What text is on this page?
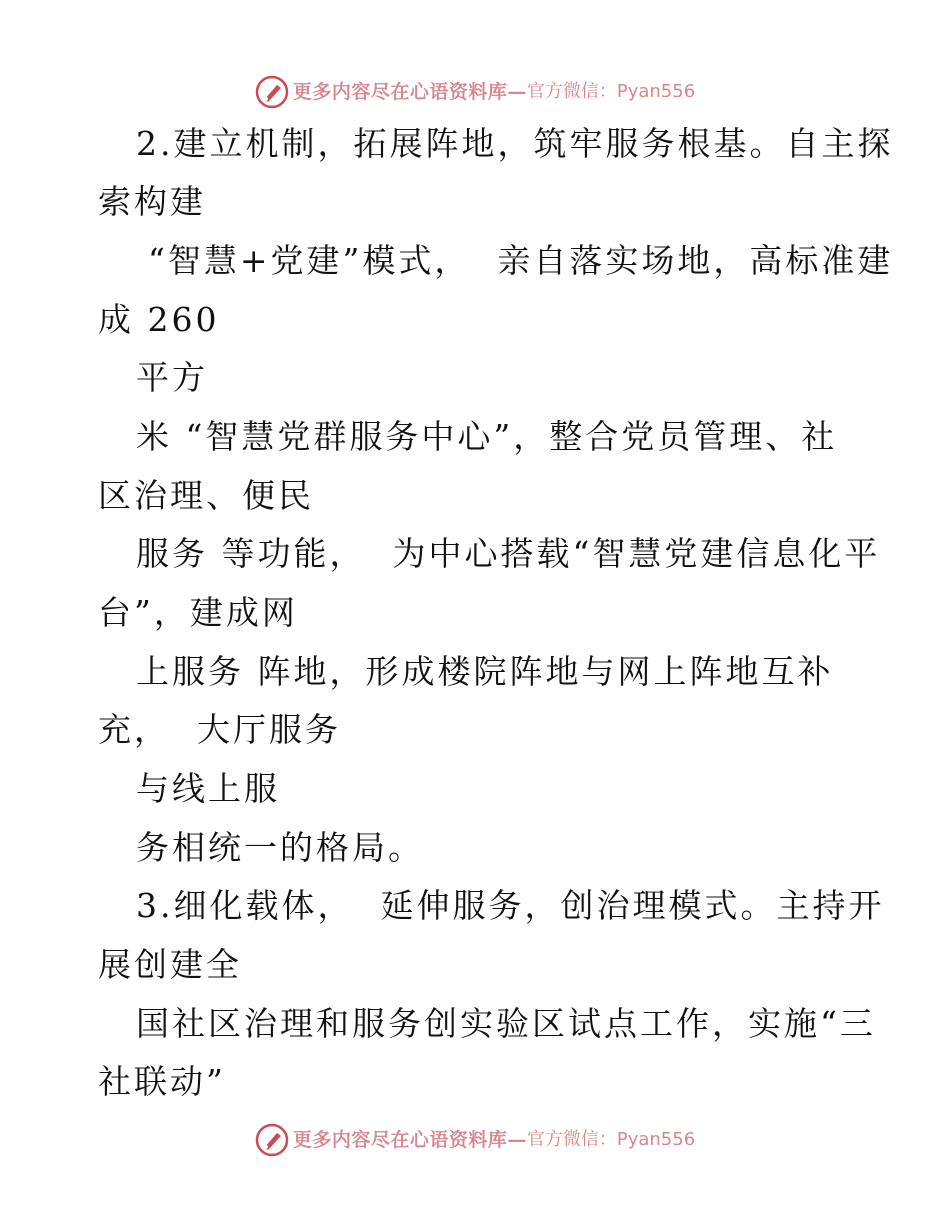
更多内容尽在心语资料库 — 官方微信：Pyan556
2.建立机制，拓展阵地，筑牢服务根基。自主探
索构建
“智慧+党建”模式，  亲自落实场地，高标准建
成 260
平方
米 “智慧党群服务中心”，整合党员管理、社
区治理、便民
服务 等功能，  为中心搭载“智慧党建信息化平
台”，建成网
上服务 阵地，形成楼院阵地与网上阵地互补
充，  大厅服务
与线上服
务相统一的格局。
3.细化载体，  延伸服务，创治理模式。主持开
展创建全
国社区治理和服务创实验区试点工作，实施“三
社联动”
更多内容尽在心语资料库 — 官方微信：Pyan556
